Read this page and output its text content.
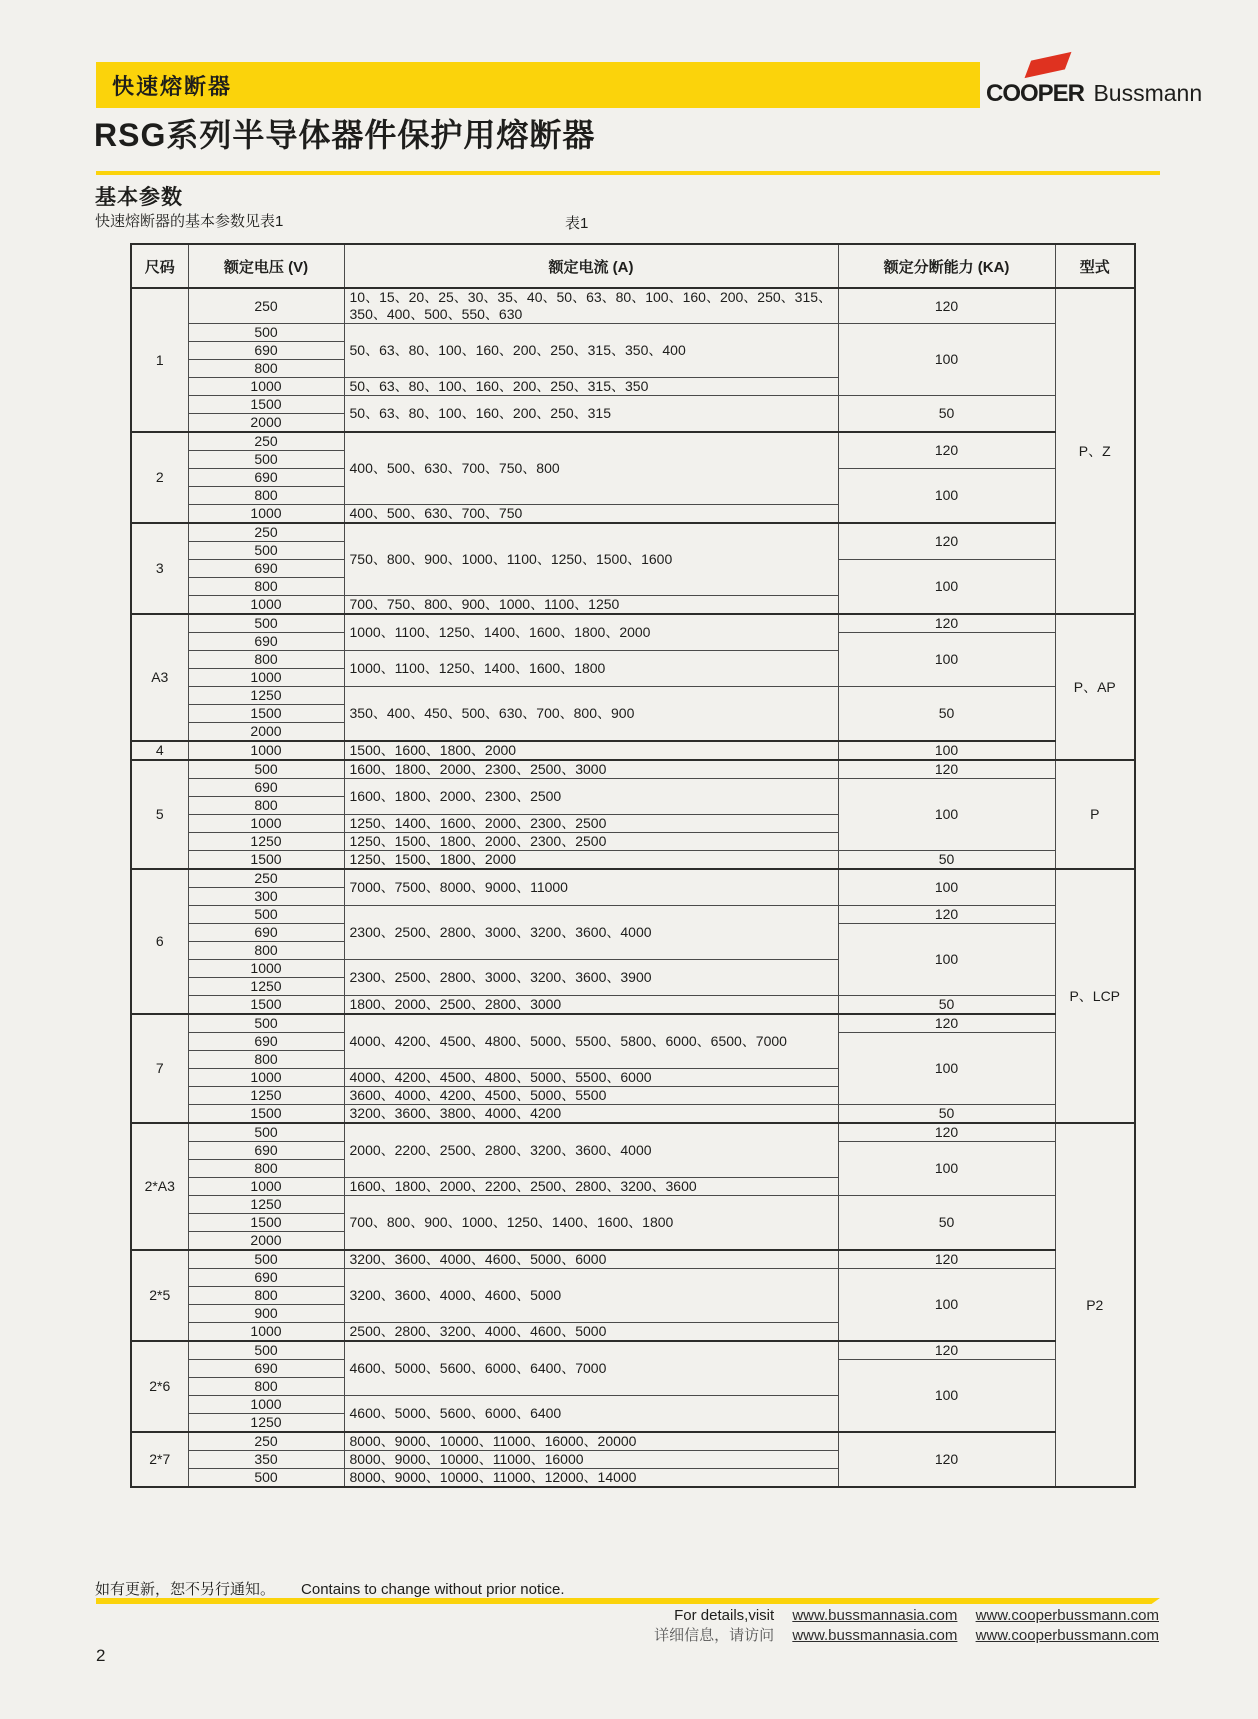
快速熔断器	COOPER Bussmann
RSG系列半导体器件保护用熔断器
基本参数
快速熔断器的基本参数见表1	表1
尺码	额定电压 (V)	额定电流 (A)	额定分断能力 (KA)	型式
1	250	10、15、20、25、30、35、40、50、63、80、100、160、200、250、315、350、400、500、550、630	120	P、Z
	500	50、63、80、100、160、200、250、315、350、400	100	
	690			
	800			
	1000	50、63、80、100、160、200、250、315、350		
	1500	50、63、80、100、160、200、250、315	50	
	2000			
2	250	400、500、630、700、750、800	120	
	500			
	690		100	
	800			
	1000	400、500、630、700、750		
3	250	750、800、900、1000、1100、1250、1500、1600	120	
	500			
	690		100	
	800			
	1000	700、750、800、900、1000、1100、1250		
A3	500	1000、1100、1250、1400、1600、1800、2000	120	P、AP
	690		100	
	800	1000、1100、1250、1400、1600、1800		
	1000			
	1250	350、400、450、500、630、700、800、900	50	
	1500			
	2000			
4	1000	1500、1600、1800、2000	100	
5	500	1600、1800、2000、2300、2500、3000	120	P
	690	1600、1800、2000、2300、2500	100	
	800			
	1000	1250、1400、1600、2000、2300、2500		
	1250	1250、1500、1800、2000、2300、2500		
	1500	1250、1500、1800、2000	50	
6	250	7000、7500、8000、9000、11000	100	P、LCP
	300			
	500	2300、2500、2800、3000、3200、3600、4000	120	
	690		100	
	800			
	1000	2300、2500、2800、3000、3200、3600、3900		
	1250			
	1500	1800、2000、2500、2800、3000	50	
7	500	4000、4200、4500、4800、5000、5500、5800、6000、6500、7000	120	
	690		100	
	800			
	1000	4000、4200、4500、4800、5000、5500、6000		
	1250	3600、4000、4200、4500、5000、5500		
	1500	3200、3600、3800、4000、4200	50	
2*A3	500	2000、2200、2500、2800、3200、3600、4000	120	P2
	690		100	
	800			
	1000	1600、1800、2000、2200、2500、2800、3200、3600		
	1250	700、800、900、1000、1250、1400、1600、1800	50	
	1500			
	2000			
2*5	500	3200、3600、4000、4600、5000、6000	120	
	690	3200、3600、4000、4600、5000	100	
	800			
	900			
	1000	2500、2800、3200、4000、4600、5000		
2*6	500	4600、5000、5600、6000、6400、7000	120	
	690		100	
	800			
	1000	4600、5000、5600、6000、6400		
	1250			
2*7	250	8000、9000、10000、11000、16000、20000	120	
	350	8000、9000、10000、11000、16000		
	500	8000、9000、10000、11000、12000、14000		
如有更新，恕不另行通知。 Contains to change without prior notice.
For details,visit www.bussmannasia.com www.cooperbussmann.com
详细信息，请访问 www.bussmannasia.com www.cooperbussmann.com
2
